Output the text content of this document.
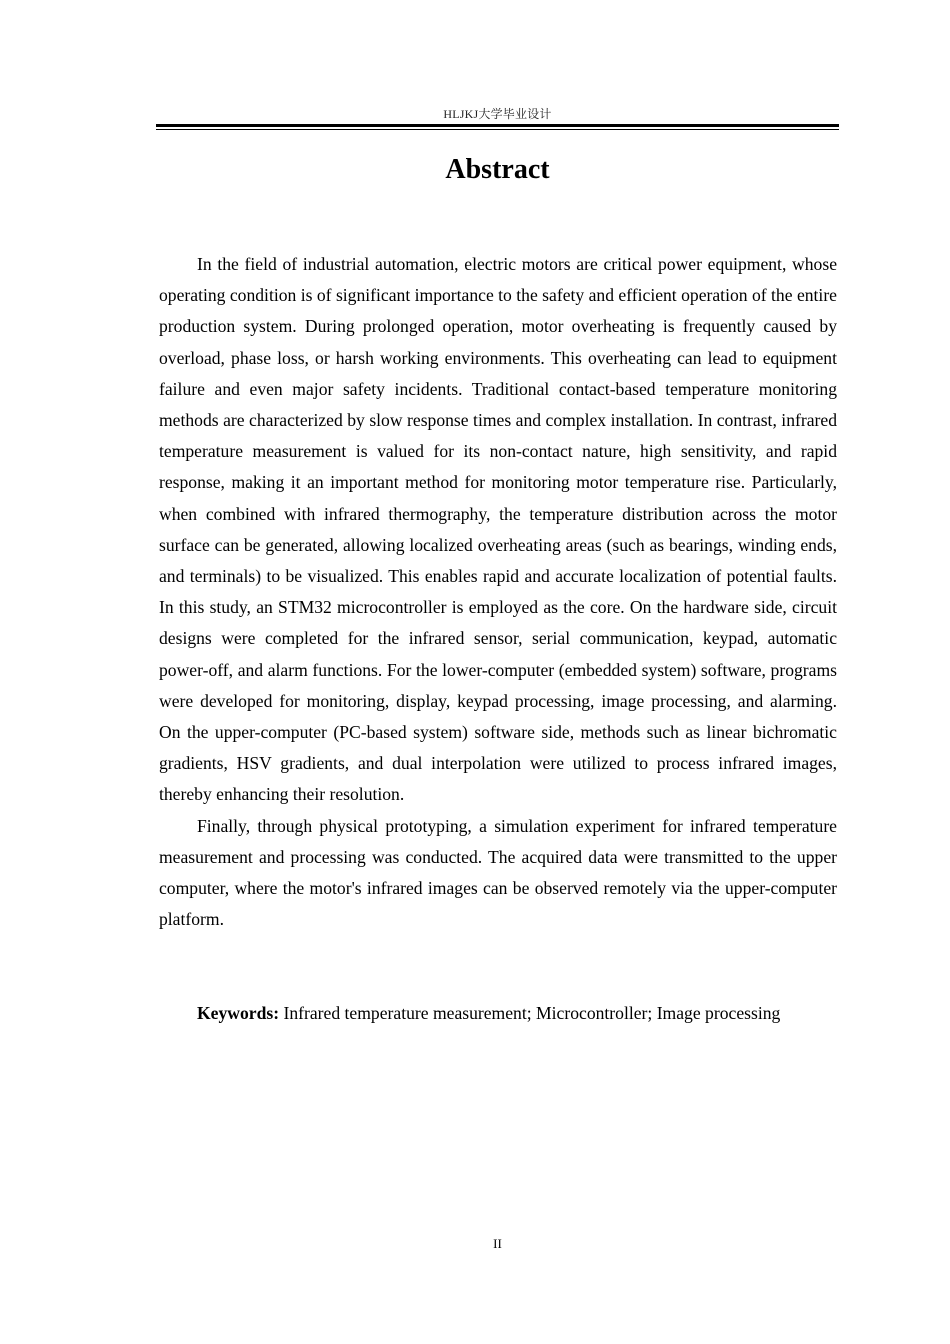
HLJKJ大学毕业设计
Abstract

In the field of industrial automation, electric motors are critical power equipment, whose operating condition is of significant importance to the safety and efficient operation of the entire production system. During prolonged operation, motor overheating is frequently caused by overload, phase loss, or harsh working environments. This overheating can lead to equipment failure and even major safety incidents. Traditional contact-based temperature monitoring methods are characterized by slow response times and complex installation. In contrast, infrared temperature measurement is valued for its non-contact nature, high sensitivity, and rapid response, making it an important method for monitoring motor temperature rise. Particularly, when combined with infrared thermography, the temperature distribution across the motor surface can be generated, allowing localized overheating areas (such as bearings, winding ends, and terminals) to be visualized. This enables rapid and accurate localization of potential faults. In this study, an STM32 microcontroller is employed as the core. On the hardware side, circuit designs were completed for the infrared sensor, serial communication, keypad, automatic power-off, and alarm functions. For the lower-computer (embedded system) software, programs were developed for monitoring, display, keypad processing, image processing, and alarming. On the upper-computer (PC-based system) software side, methods such as linear bichromatic gradients, HSV gradients, and dual interpolation were utilized to process infrared images, thereby enhancing their resolution.

Finally, through physical prototyping, a simulation experiment for infrared temperature measurement and processing was conducted. The acquired data were transmitted to the upper computer, where the motor's infrared images can be observed remotely via the upper-computer platform.

Keywords: Infrared temperature measurement; Microcontroller; Image processing
II
